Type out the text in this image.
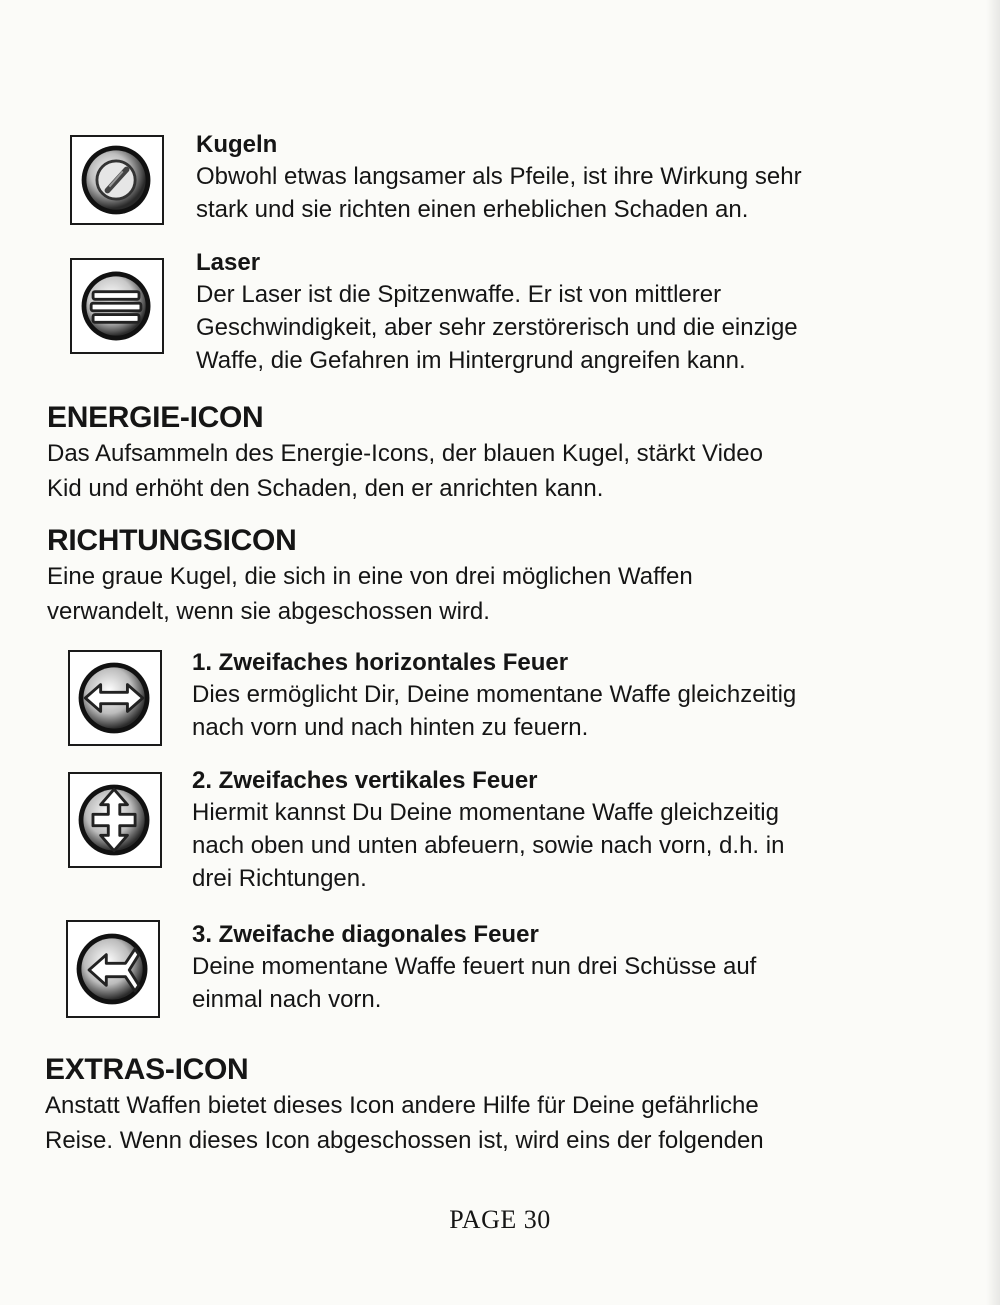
Kugeln

Obwohl etwas langsamer als Pfeile, ist ihre Wirkung sehr
stark und sie richten einen erheblichen Schaden an.

Laser

Der Laser ist die Spitzenwaffe. Er ist von mittlerer
Geschwindigkeit, aber sehr zerstörerisch und die einzige
Waffe, die Gefahren im Hintergrund angreifen kann.

ENERGIE-ICON

Das Aufsammeln des Energie-Icons, der blauen Kugel, stärkt Video
Kid und erhöht den Schaden, den er anrichten kann.

RICHTUNGSICON

Eine graue Kugel, die sich in eine von drei möglichen Waffen
verwandelt, wenn sie abgeschossen wird.

1. Zweifaches horizontales Feuer

Dies ermöglicht Dir, Deine momentane Waffe gleichzeitig
nach vorn und nach hinten zu feuern.

2. Zweifaches vertikales Feuer

Hiermit kannst Du Deine momentane Waffe gleichzeitig
nach oben und unten abfeuern, sowie nach vorn, d.h. in
drei Richtungen.

3. Zweifache diagonales Feuer

Deine momentane Waffe feuert nun drei Schüsse auf
einmal nach vorn.

EXTRAS-ICON

Anstatt Waffen bietet dieses Icon andere Hilfe für Deine gefährliche
Reise. Wenn dieses Icon abgeschossen ist, wird eins der folgenden

PAGE 30
